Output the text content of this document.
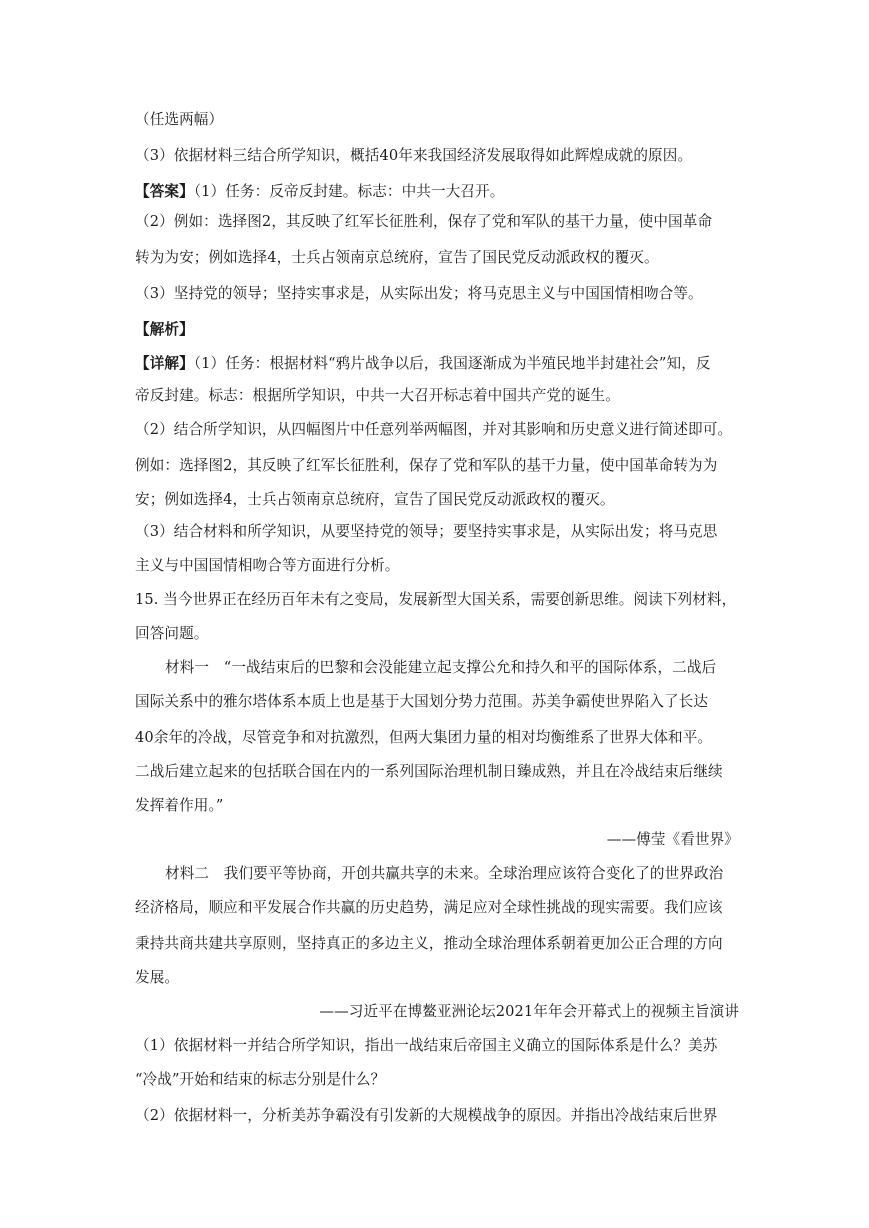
（任选两幅）
（3）依据材料三结合所学知识，概括40年来我国经济发展取得如此辉煌成就的原因。
【答案】（1）任务：反帝反封建。标志：中共一大召开。
（2）例如：选择图2，其反映了红军长征胜利，保存了党和军队的基干力量，使中国革命
转为为安；例如选择4，士兵占领南京总统府，宣告了国民党反动派政权的覆灭。
（3）坚持党的领导；坚持实事求是，从实际出发；将马克思主义与中国国情相吻合等。
【解析】
【详解】（1）任务：根据材料“鸦片战争以后，我国逐渐成为半殖民地半封建社会”知，反
帝反封建。标志：根据所学知识，中共一大召开标志着中国共产党的诞生。
（2）结合所学知识，从四幅图片中任意列举两幅图，并对其影响和历史意义进行简述即可。
例如：选择图2，其反映了红军长征胜利，保存了党和军队的基干力量，使中国革命转为为
安；例如选择4，士兵占领南京总统府，宣告了国民党反动派政权的覆灭。
（3）结合材料和所学知识，从要坚持党的领导；要坚持实事求是，从实际出发；将马克思
主义与中国国情相吻合等方面进行分析。
15. 当今世界正在经历百年未有之变局，发展新型大国关系，需要创新思维。阅读下列材料，
回答问题。
材料一　“一战结束后的巴黎和会没能建立起支撑公允和持久和平的国际体系，二战后
国际关系中的雅尔塔体系本质上也是基于大国划分势力范围。苏美争霸使世界陷入了长达
40余年的冷战，尽管竞争和对抗激烈，但两大集团力量的相对均衡维系了世界大体和平。
二战后建立起来的包括联合国在内的一系列国际治理机制日臻成熟，并且在冷战结束后继续
发挥着作用。”
——傅莹《看世界》
材料二　我们要平等协商，开创共赢共享的未来。全球治理应该符合变化了的世界政治
经济格局，顺应和平发展合作共赢的历史趋势，满足应对全球性挑战的现实需要。我们应该
秉持共商共建共享原则，坚持真正的多边主义，推动全球治理体系朝着更加公正合理的方向
发展。
——习近平在博鳌亚洲论坛2021年年会开幕式上的视频主旨演讲
（1）依据材料一并结合所学知识，指出一战结束后帝国主义确立的国际体系是什么？美苏
“冷战”开始和结束的标志分别是什么？
（2）依据材料一，分析美苏争霸没有引发新的大规模战争的原因。并指出冷战结束后世界
